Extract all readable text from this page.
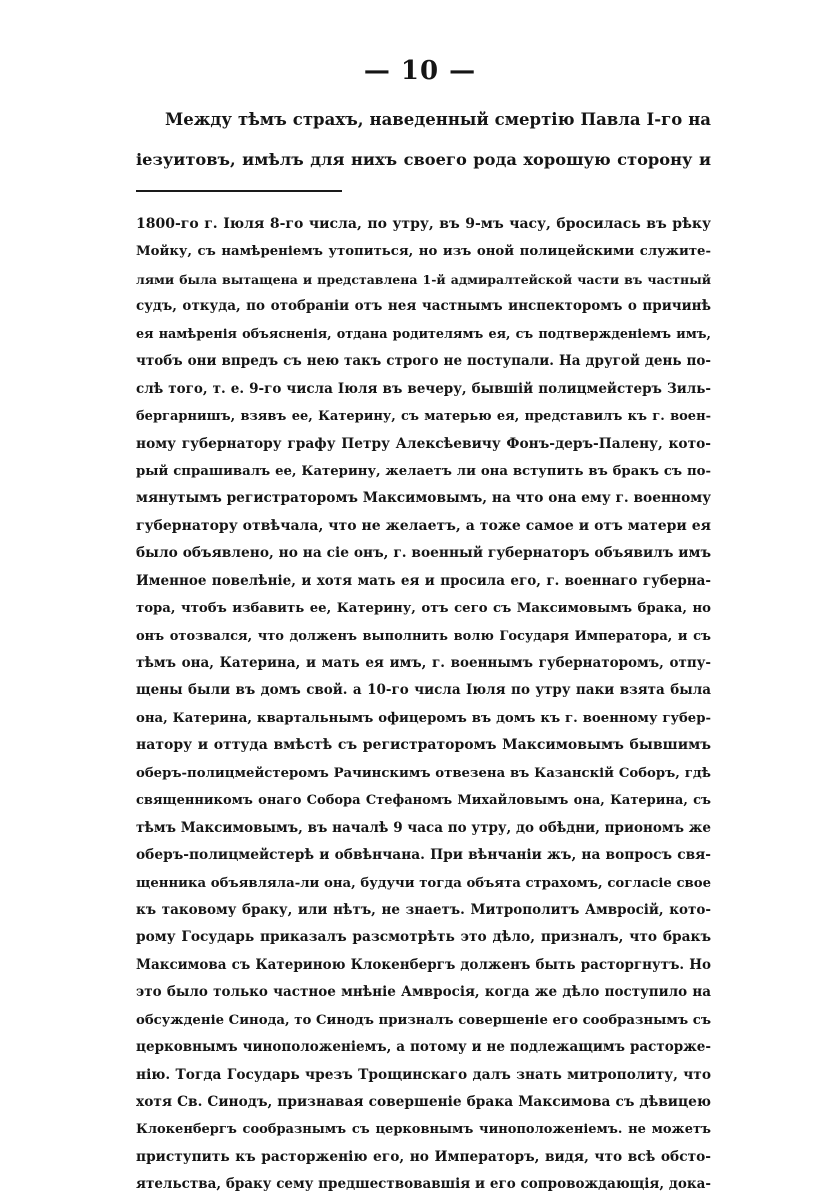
— 10 —
Между тѣмъ страхъ, наведенный смертію Павла І-го на
іезуитовъ, имѣлъ для нихъ своего рода хорошую сторону и
1800-го г. Іюля 8-го числа, по утру, въ 9-мъ часу, бросилась въ рѣку
Мойку, съ намѣреніемъ утопиться, но изъ оной полицейскими служите-
лями была вытащена и представлена 1-й адмиралтейской части въ частный
судъ, откуда, по отобраніи отъ нея частнымъ инспекторомъ о причинѣ
ея намѣренія объясненія, отдана родителямъ ея, съ подтвержденіемъ имъ,
чтобъ они впредъ съ нею такъ строго не поступали. На другой день по-
слѣ того, т. е. 9-го числа Іюля въ вечеру, бывшій полицмейстеръ Зиль-
бергарнишъ, взявъ ее, Катерину, съ матерью ея, представилъ къ г. воен-
ному губернатору графу Петру Алексѣевичу Фонъ-деръ-Палену, кото-
рый спрашивалъ ее, Катерину, желаетъ ли она вступить въ бракъ съ по-
мянутымъ регистраторомъ Максимовымъ, на что она ему г. военному
губернатору отвѣчала, что не желаетъ, а тоже самое и отъ матери ея
было объявлено, но на сіе онъ, г. военный губернаторъ объявилъ имъ
Именное повелѣніе, и хотя мать ея и просила его, г. военнаго губерна-
тора, чтобъ избавить ее, Катерину, отъ сего съ Максимовымъ брака, но
онъ отозвался, что долженъ выполнить волю Государя Императора, и съ
тѣмъ она, Катерина, и мать ея имъ, г. военнымъ губернаторомъ, отпу-
щены были въ домъ свой. а 10-го числа Іюля по утру паки взята была
она, Катерина, квартальнымъ офицеромъ въ домъ къ г. военному губер-
натору и оттуда вмѣстѣ съ регистраторомъ Максимовымъ бывшимъ
оберъ-полицмейстеромъ Рачинскимъ отвезена въ Казанскій Соборъ, гдѣ
священникомъ онаго Собора Стефаномъ Михайловымъ она, Катерина, съ
тѣмъ Максимовымъ, въ началѣ 9 часа по утру, до обѣдни, приономъ же
оберъ-полицмейстерѣ и обвѣнчана. При вѣнчаніи жъ, на вопросъ свя-
щенника объявляла-ли она, будучи тогда объята страхомъ, согласіе свое
къ таковому браку, или нѣтъ, не знаетъ. Митрополитъ Амвросій, кото-
рому Государь приказалъ разсмотрѣть это дѣло, призналъ, что бракъ
Максимова съ Катериною Клокенбергъ долженъ быть расторгнутъ. Но
это было только частное мнѣніе Амвросія, когда же дѣло поступило на
обсужденіе Синода, то Синодъ призналъ совершеніе его сообразнымъ съ
церковнымъ чиноположеніемъ, а потому и не подлежащимъ расторже-
нію. Тогда Государь чрезъ Трощинскаго далъ знать митрополиту, что
хотя Св. Синодъ, признавая совершеніе брака Максимова съ дѣвицею
Клокенбергъ сообразнымъ съ церковнымъ чиноположеніемъ. не можетъ
приступить къ расторженію его, но Императоръ, видя, что всѣ обсто-
ятельства, браку сему предшествовавшія и его сопровождающія, дока-
